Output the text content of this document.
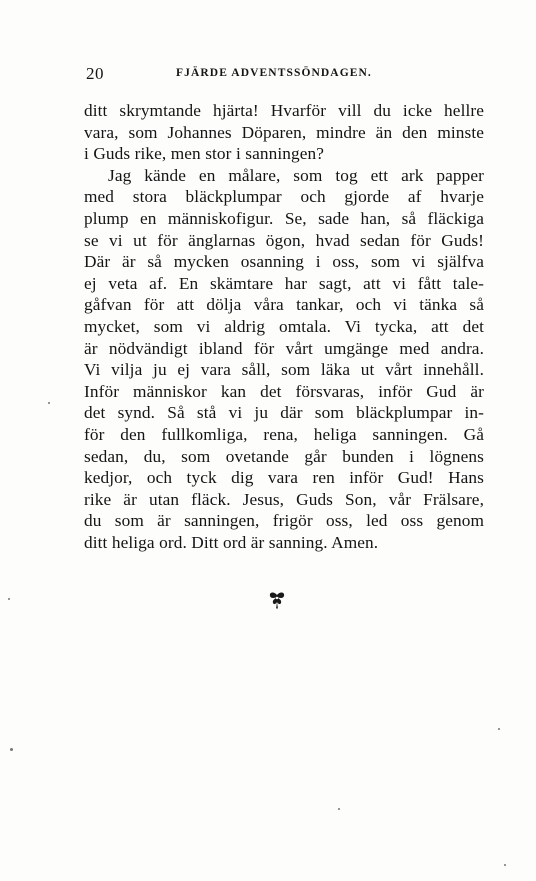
20	FJÄRDE ADVENTSSÖNDAGEN.
ditt skrymtande hjärta! Hvarför vill du icke hellre
vara, som Johannes Döparen, mindre än den minste
i Guds rike, men stor i sanningen?
Jag kände en målare, som tog ett ark papper
med stora bläckplumpar och gjorde af hvarje
plump en människofigur. Se, sade han, så fläckiga
se vi ut för änglarnas ögon, hvad sedan för Guds!
Där är så mycken osanning i oss, som vi själfva
ej veta af. En skämtare har sagt, att vi fått tale-
gåfvan för att dölja våra tankar, och vi tänka så
mycket, som vi aldrig omtala. Vi tycka, att det
är nödvändigt ibland för vårt umgänge med andra.
Vi vilja ju ej vara såll, som läka ut vårt innehåll.
Inför människor kan det försvaras, inför Gud är
det synd. Så stå vi ju där som bläckplumpar in-
för den fullkomliga, rena, heliga sanningen. Gå
sedan, du, som ovetande går bunden i lögnens
kedjor, och tyck dig vara ren inför Gud! Hans
rike är utan fläck. Jesus, Guds Son, vår Frälsare,
du som är sanningen, frigör oss, led oss genom
ditt heliga ord. Ditt ord är sanning. Amen.
